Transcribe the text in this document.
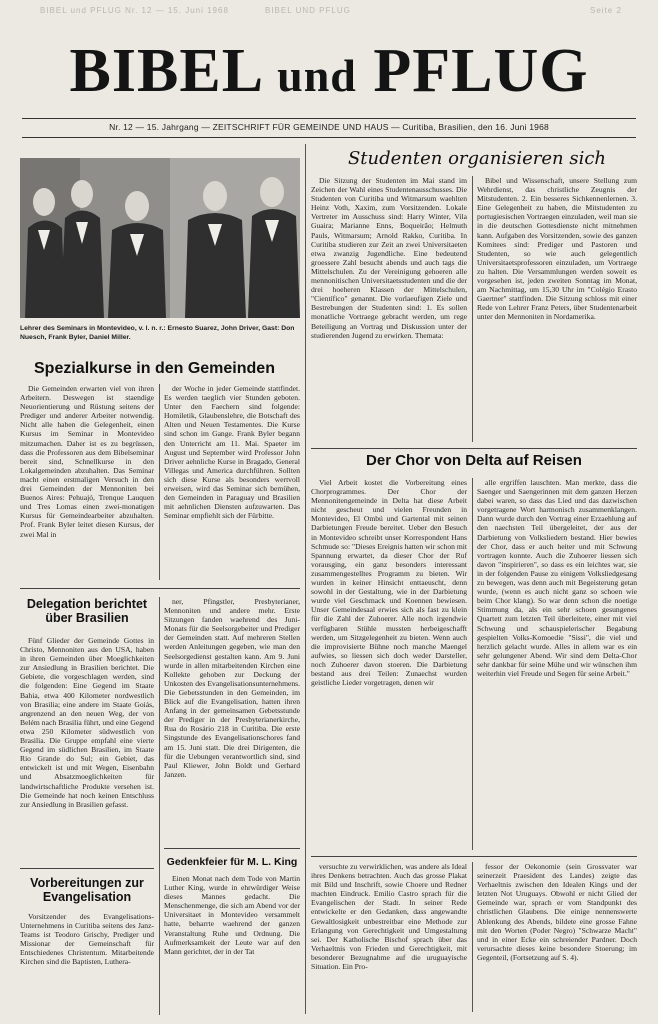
BIBEL und PFLUG Nr. 12 — 15. Juni 1968	BIBEL UND PFLUG	Seite 2
BIBEL und PFLUG
Nr. 12 — 15. Jahrgang — ZEITSCHRIFT FÜR GEMEINDE UND HAUS — Curitiba, Brasilien, den 16. Juni 1968
Lehrer des Seminars in Montevideo, v. l. n. r.: Ernesto Suarez, John Driver, Gast: Don Nuesch, Frank Byler, Daniel Miller.
Spezialkurse in den Gemeinden

Die Gemeinden erwarten viel von ihren Arbeitern. Deswegen ist staendige Neuorientierung und Rüstung seitens der Prediger und anderer Arbeiter notwendig. Nicht alle haben die Gelegenheit, einen Kursus im Seminar in Montevideo mitzumachen. Daher ist es zu begrüssen, dass die Professoren aus dem Bibelseminar bereit sind, Schnellkurse in den Lokalgemeinden abzuhalten. Das Seminar macht einen erstmaligen Versuch in den drei Gemeinden der Mennoniten bei Buenos Aires: Pehuajó, Trenque Lauquen und Tres Lomas einen zwei-monatigen Kursus für Gemeindearbeiter abzuhalten. Prof. Frank Byler leitet diesen Kursus, der zwei Mal in

der Woche in jeder Gemeinde stattfindet. Es werden taeglich vier Stunden geboten. Unter den Faechern sind folgende: Homiletik, Glaubenslehre, die Botschaft des Alten und Neuen Testamentes. Die Kurse sind schon im Gange. Frank Byler begann den Unterricht am 11. Mai. Spaeter im August und September wird Professor John Driver aehnliche Kurse in Bragado, General Villegas und America durchführen. Sollten sich diese Kurse als besonders wertvoll erweisen, wird das Seminar sich bemühen, den Gemeinden in Paraguay und Brasilien mit aehnlichen Diensten aufzuwarten. Das Seminar empfiehlt sich der Fürbitte.

Delegation berichtet
über Brasilien

Fünf Glieder der Gemeinde Gottes in Christo, Mennoniten aus den USA, haben in ihren Gemeinden über Moeglichkeiten zur Ansiedlung in Brasilien berichtet. Die Gebiete, die vorgeschlagen werden, sind die folgenden: Eine Gegend im Staate Bahia, etwa 400 Kilometer nordwestlich von Brasilia; eine andere im Staate Goiás, angrenzend an den neuen Weg, der von Belém nach Brasilia führt, und eine Gegend etwa 250 Kilometer südwestlich von Brasilia. Die Gruppe empfahl eine vierte Gegend im südlichen Brasilien, im Staate Rio Grande do Sul; ein Gebiet, das entwickelt ist und mit Wegen, Eisenbahn und Absatzmoeglichkeiten für landwirtschaftliche Produkte versehen ist. Die Gemeinde hat noch keinen Entschluss zur Ansiedlung in Brasilien gefasst.

Vorbereitungen zur
Evangelisation

Vorsitzender des Evangelisations-Unternehmens in Curitiba seitens des Janz-Teams ist Teodoro Grischy, Prediger und Missionar der Gemeinschaft für Entschiedenes Christentum. Mitarbeitende Kirchen sind die Baptisten, Luthera-

ner, Pfingstler, Presbyterianer, Mennoniten und andere mehr. Erste Sitzungen fanden waehrend des Juni-Monats für die Seelsorgebeiter und Prediger der Gemeinden statt. Auf mehreren Stellen werden Anleitungen gegeben, wie man den Seelsorgedienst gestalten kann. Am 9. Juni wurde in allen mitarbeitenden Kirchen eine Kollekte gehoben zur Deckung der Unkosten des Evangelisationsunternehmens. Die Gebetsstunden in den Gemeinden, im Blick auf die Evangelisation, hatten ihren Anfang in der gemeinsamen Gebetsstunde der Prediger in der Presbyterianerkirche, Rua do Rosário 218 in Curitiba. Die erste Singstunde des Evangelisationschores fand am 15. Juni statt. Die drei Dirigenten, die für die Uebungen verantwortlich sind, sind Paul Kliewer, John Boldt und Gerhard Janzen.

Gedenkfeier für M. L. King

Einen Monat nach dem Tode von Martin Luther King, wurde in ehrwürdiger Weise dieses Mannes gedacht. Die Menschenmenge, die sich am Abend vor der Universitaet in Montevideo versammelt hatte, beharrte waehrend der ganzen Veranstaltung Ruhe und Ordnung. Die Aufmerksamkeit der Leute war auf den Mann gerichtet, der in der Tat

Studenten organisieren sich

Die Sitzung der Studenten im Mai stand im Zeichen der Wahl eines Studentenausschusses. Die Studenten von Curitiba und Witmarsum waehlten Heinz Voth, Xaxim, zum Vorsitzenden. Lokale Vertreter im Ausschuss sind: Harry Winter, Vila Guaira; Marianne Enns, Boqueirão; Helmuth Pauls, Witmarsum; Arnold Rakko, Curitiba. In Curitiba studieren zur Zeit an zwei Universitaeten etwa zwanzig Jugendliche. Eine bedeutend groessere Zahl besucht abends und auch tags die Mittelschulen. Zu der Vereinigung gehoeren alle mennonitischen Universitaetsstudenten und die der drei hoeheren Klassen der Mittelschulen, "Científico" genannt. Die vorlaeufigen Ziele und Bestrebungen der Studenten sind: 1. Es sollen monatliche Vortraege gebracht werden, um rege Beteiligung an Vortrag und Diskussion unter der studierenden Jugend zu erwirken. Themata:

Bibel und Wissenschaft, unsere Stellung zum Wehrdienst, das christliche Zeugnis der Mitstudenten. 2. Ein besseres Sichkennenlernen. 3. Eine Gelegenheit zu haben, die Mitstudenten zu portugiesischen Vortraegen einzuladen, weil man sie in die deutschen Gottesdienste nicht mitnehmen kann. Aufgaben des Vorsitzenden, sowie des ganzen Komitees sind: Prediger und Pastoren und Studenten, so wie auch gelegentlich Universitaetsprofessoren einzuladen, um Vortraege zu halten. Die Versammlungen werden soweit es vorgesehen ist, jeden zweiten Sonntag im Monat, am Nachmittag, um 15,30 Uhr im "Colégio Erasto Gaertner" stattfinden. Die Sitzung schloss mit einer Rede von Lehrer Franz Peters, über Studentenarbeit unter den Mennoniten in Nordamerika.

Der Chor von Delta auf Reisen

Viel Arbeit kostet die Vorbereitung eines Chorprogrammes. Der Chor der Mennonitengemeinde in Delta hat diese Arbeit nicht gescheut und vielen Freunden in Montevideo, El Ombú und Gartental mit seinen Darbietungen Freude bereitet. Ueber den Besuch in Montevideo schreibt unser Korrespondent Hans Schmude so: "Dieses Ereignis hatten wir schon mit Spannung erwartet, da dieser Chor der Ruf vorausging, ein ganz besonders interessant zusammengestelltes Programm zu bieten. Wir wurden in keiner Hinsicht enttaeuscht, denn sowohl in der Gestaltung, wie in der Darbietung wurde viel Geschmack und Koennen bewiesen. Unser Gemeindesaal erwies sich als fast zu klein für die Zahl der Zuhoerer. Alle noch irgendwie verfügbaren Stühle mussten herbeigeschafft werden, um Sitzgelegenheit zu bieten. Wenn auch die improvisierte Bühne noch manche Maengel aufwies, so liessen sich doch weder Darsteller, noch Zuhoerer davon stoeren. Die Darbietung bestand aus drei Teilen: Zunaechst wurden geistliche Lieder vorgetragen, denen wir

alle ergriffen lauschten. Man merkte, dass die Saenger und Saengerinnen mit dem ganzen Herzen dabei waren, so dass das Lied und das dazwischen vorgetragene Wort harmonisch zusammenklangen. Dann wurde durch den Vortrag einer Erzaehlung auf den naechsten Teil übergeleitet, der aus der Darbietung von Volksliedern bestand. Hier bewies der Chor, dass er auch heiter und mit Schwung vortragen konnte. Auch die Zuhoerer liessen sich davon "inspirieren", so dass es ein leichtes war, sie in der folgenden Pause zu einigem Volksliedgesang zu bewegen, was denn auch mit Begeisterung getan wurde, (wenn es auch nicht ganz so schoen wie beim Chor klang). So war denn schon die noetige Stimmung da, als ein sehr schoen gesungenes Quartett zum letzten Teil überleitete, einer mit viel Schwung und schauspielerischer Begabung gespielten Volks-Komoedie "Sissi", die viel und herzlich gelacht wurde. Alles in allem war es ein sehr gelungener Abend. Wir sind dem Delta-Chor sehr dankbar für seine Mühe und wir wünschen ihm weiterhin viel Freude und Segen für seine Arbeit."

versuchte zu verwirklichen, was andere als Ideal ihres Denkens betrachten. Auch das grosse Plakat mit Bild und Inschrift, sowie Choere und Redner machten Eindruck. Emilio Castro sprach für die Evangelischen der Stadt. In seiner Rede entwickelte er den Gedanken, dass angewandte Gewaltlosigkeit unbestreitbar eine Methode zur Erlangung von Gerechtigkeit und Umgestaltung sei. Der Katholische Bischof sprach über das Verhaeltnis von Frieden und Gerechtigkeit, mit besonderer Bezugnahme auf die uruguayische Situation. Ein Pro-

fessor der Oekonomie (sein Grossvater war seinerzeit Praesident des Landes) zeigte das Verhaeltnis zwischen den Idealen Kings und der letzten Not Uruguays. Obwohl er nicht Glied der Gemeinde war, sprach er vom Standpunkt des christlichen Glaubens. Die einige nennenswerte Ablenkung des Abends, bildete eine grosse Fahne mit den Worten (Poder Negro) "Schwarze Macht" und in einer Ecke ein schreiender Pardner. Doch verursachte dieses keine besondere Stoerung; im Gegenteil, (Fortsetzung auf S. 4).
